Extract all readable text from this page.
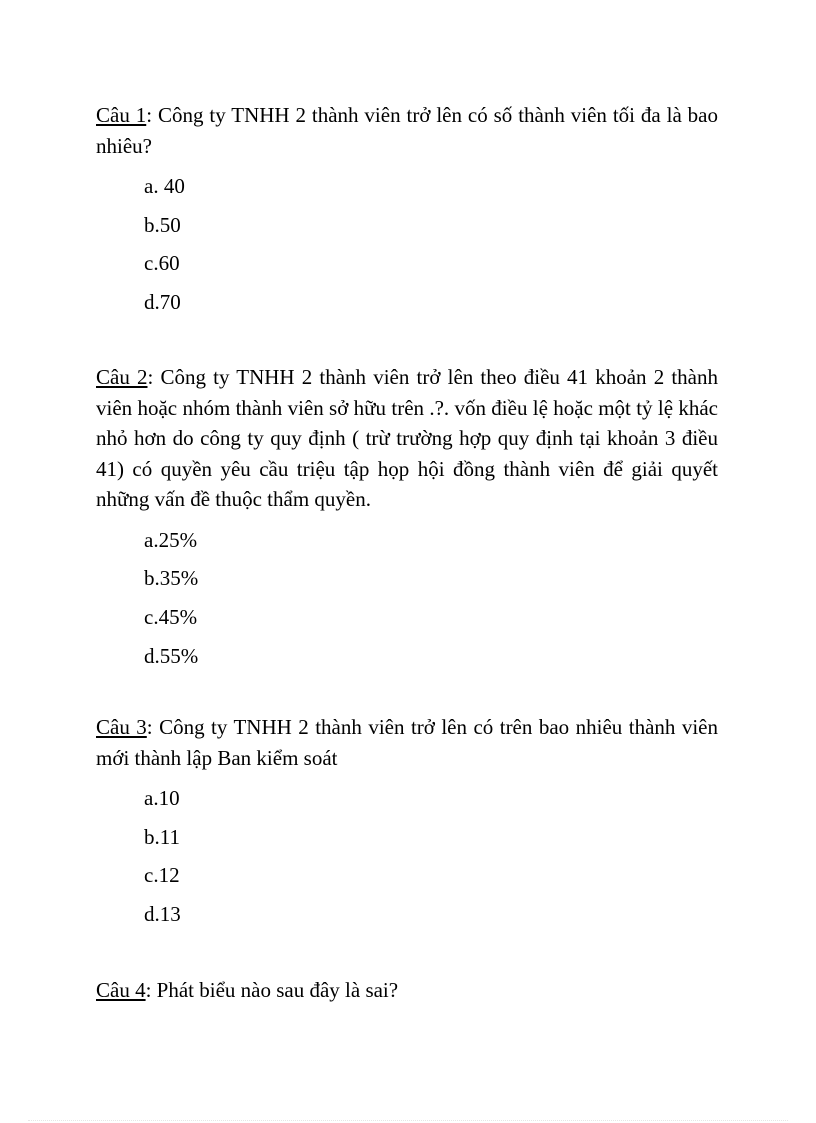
Câu 1: Công ty TNHH 2 thành viên trở lên có số thành viên tối đa là bao nhiêu?

a. 40
b.50
c.60
d.70

Câu 2: Công ty TNHH 2 thành viên trở lên theo điều 41 khoản 2 thành viên hoặc nhóm thành viên sở hữu trên .?. vốn điều lệ hoặc một tỷ lệ khác nhỏ hơn do công ty quy định ( trừ trường hợp quy định tại khoản 3 điều 41) có quyền yêu cầu triệu tập họp hội đồng thành viên để giải quyết những vấn đề thuộc thẩm quyền.

a.25%
b.35%
c.45%
d.55%

Câu 3: Công ty TNHH 2 thành viên trở lên có trên bao nhiêu thành viên mới thành lập Ban kiểm soát

a.10
b.11
c.12
d.13

Câu 4: Phát biểu nào sau đây là sai?
